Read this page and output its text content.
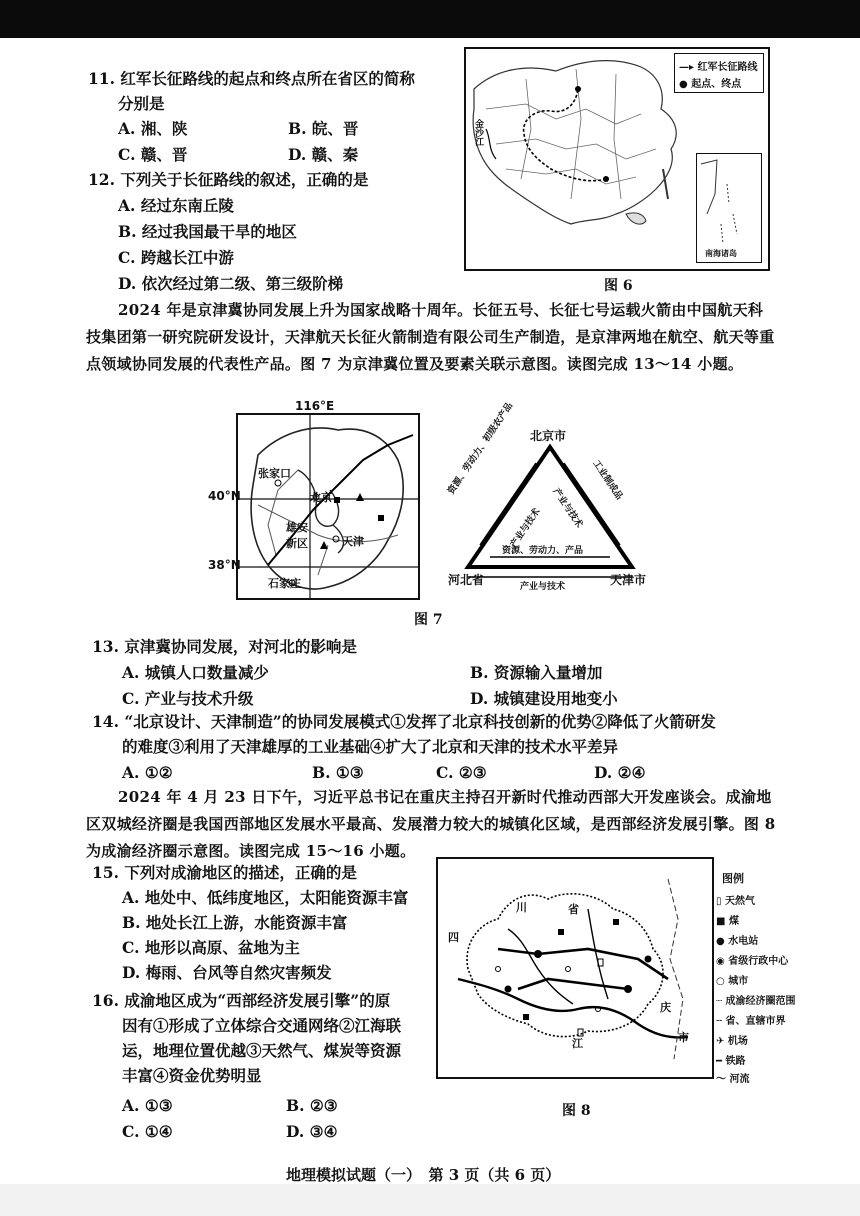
11. 红军长征路线的起点和终点所在省区的简称
分别是
A. 湘、陕	B. 皖、晋
C. 赣、晋	D. 赣、秦
12. 下列关于长征路线的叙述，正确的是
A. 经过东南丘陵
B. 经过我国最干旱的地区
C. 跨越长江中游
D. 依次经过第二级、第三级阶梯
—▸ 红军长征路线
● 起点、终点
南海诸岛
金沙江
图 6
2024 年是京津冀协同发展上升为国家战略十周年。长征五号、长征七号运载火箭由中国航天科技集团第一研究院研发设计，天津航天长征火箭制造有限公司生产制造，是京津两地在航空、航天等重点领域协同发展的代表性产品。图 7 为京津冀位置及要素关联示意图。读图完成 13～14 小题。
116°E
张家口
北京
雄安新区	天津
石家庄
40°N
38°N
北京市
河北省	天津市
资源、劳动力、初级农产品
产业与技术
工业制成品
产业与技术
资源、劳动力、产品
产业与技术
图 7
13. 京津冀协同发展，对河北的影响是
A. 城镇人口数量减少	B. 资源输入量增加
C. 产业与技术升级	D. 城镇建设用地变小
14. “北京设计、天津制造”的协同发展模式①发挥了北京科技创新的优势②降低了火箭研发
的难度③利用了天津雄厚的工业基础④扩大了北京和天津的技术水平差异
A. ①②	B. ①③	C. ②③	D. ②④
2024 年 4 月 23 日下午，习近平总书记在重庆主持召开新时代推动西部大开发座谈会。成渝地区双城经济圈是我国西部地区发展水平最高、发展潜力较大的城镇化区域，是西部经济发展引擎。图 8 为成渝经济圈示意图。读图完成 15～16 小题。
15. 下列对成渝地区的描述，正确的是
A. 地处中、低纬度地区，太阳能资源丰富
B. 地处长江上游，水能资源丰富
C. 地形以高原、盆地为主
D. 梅雨、台风等自然灾害频发
16. 成渝地区成为“西部经济发展引擎”的原
因有①形成了立体综合交通网络②江海联
运，地理位置优越③天然气、煤炭等资源
丰富④资金优势明显
A. ①③	B. ②③
C. ①④	D. ③④
四
川	省
庆
市
江
图例
▯ 天然气
■ 煤
● 水电站
◉ 省级行政中心
○ 城市
┈ 成渝经济圈范围
╌ 省、直辖市界
✈ 机场
━ 铁路
〜 河流
图 8
地理模拟试题（一）　第 3 页（共 6 页）
